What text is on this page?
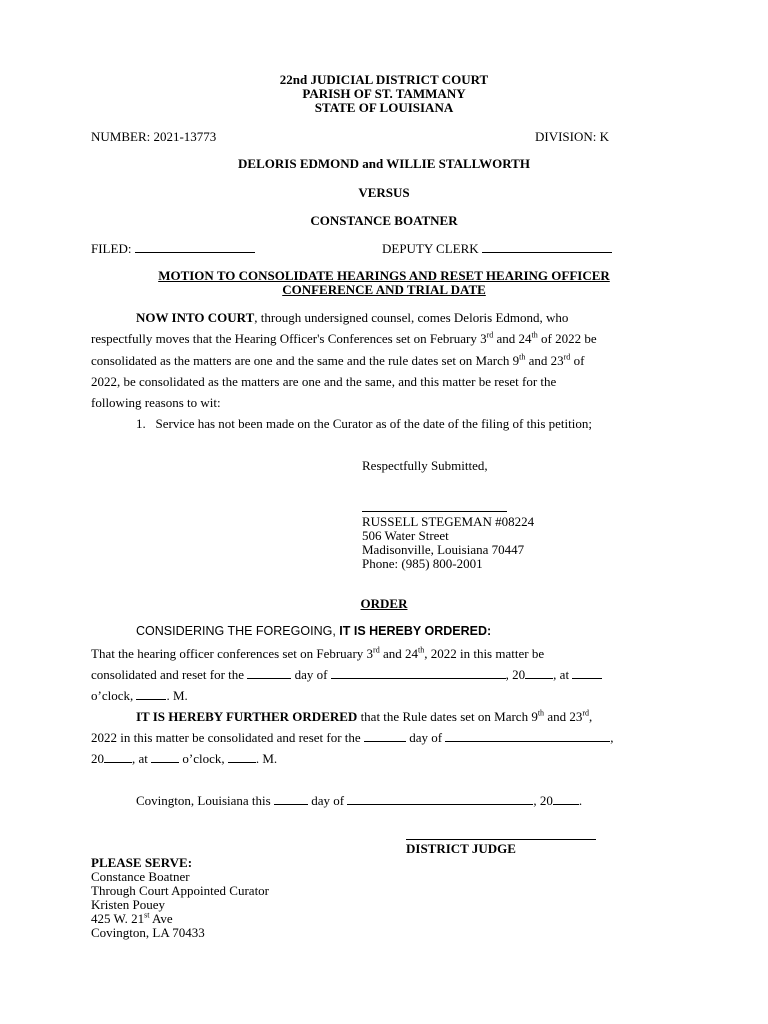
22nd JUDICIAL DISTRICT COURT
PARISH OF ST. TAMMANY
STATE OF LOUISIANA
NUMBER: 2021-13773	DIVISION: K
DELORIS EDMOND and WILLIE STALLWORTH
VERSUS
CONSTANCE BOATNER
FILED:	DEPUTY CLERK
MOTION TO CONSOLIDATE HEARINGS AND RESET HEARING OFFICER
CONFERENCE AND TRIAL DATE
NOW INTO COURT, through undersigned counsel, comes Deloris Edmond, who
respectfully moves that the Hearing Officer's Conferences set on February 3rd and 24th of 2022 be
consolidated as the matters are one and the same and the rule dates set on March 9th and 23rd of
2022, be consolidated as the matters are one and the same, and this matter be reset for the
following reasons to wit:
1. Service has not been made on the Curator as of the date of the filing of this petition;
Respectfully Submitted,
RUSSELL STEGEMAN #08224
506 Water Street
Madisonville, Louisiana 70447
Phone: (985) 800-2001
ORDER
CONSIDERING THE FOREGOING, IT IS HEREBY ORDERED:
That the hearing officer conferences set on February 3rd and 24th, 2022 in this matter be
consolidated and reset for the	day of	, 20 , at
o’clock,	. M.
IT IS HEREBY FURTHER ORDERED that the Rule dates set on March 9th and 23rd,
2022 in this matter be consolidated and reset for the	day of	,
20 , at	o’clock, . M.
Covington, Louisiana this	day of	, 20 .
DISTRICT JUDGE
PLEASE SERVE:
Constance Boatner
Through Court Appointed Curator
Kristen Pouey
425 W. 21st Ave
Covington, LA 70433
